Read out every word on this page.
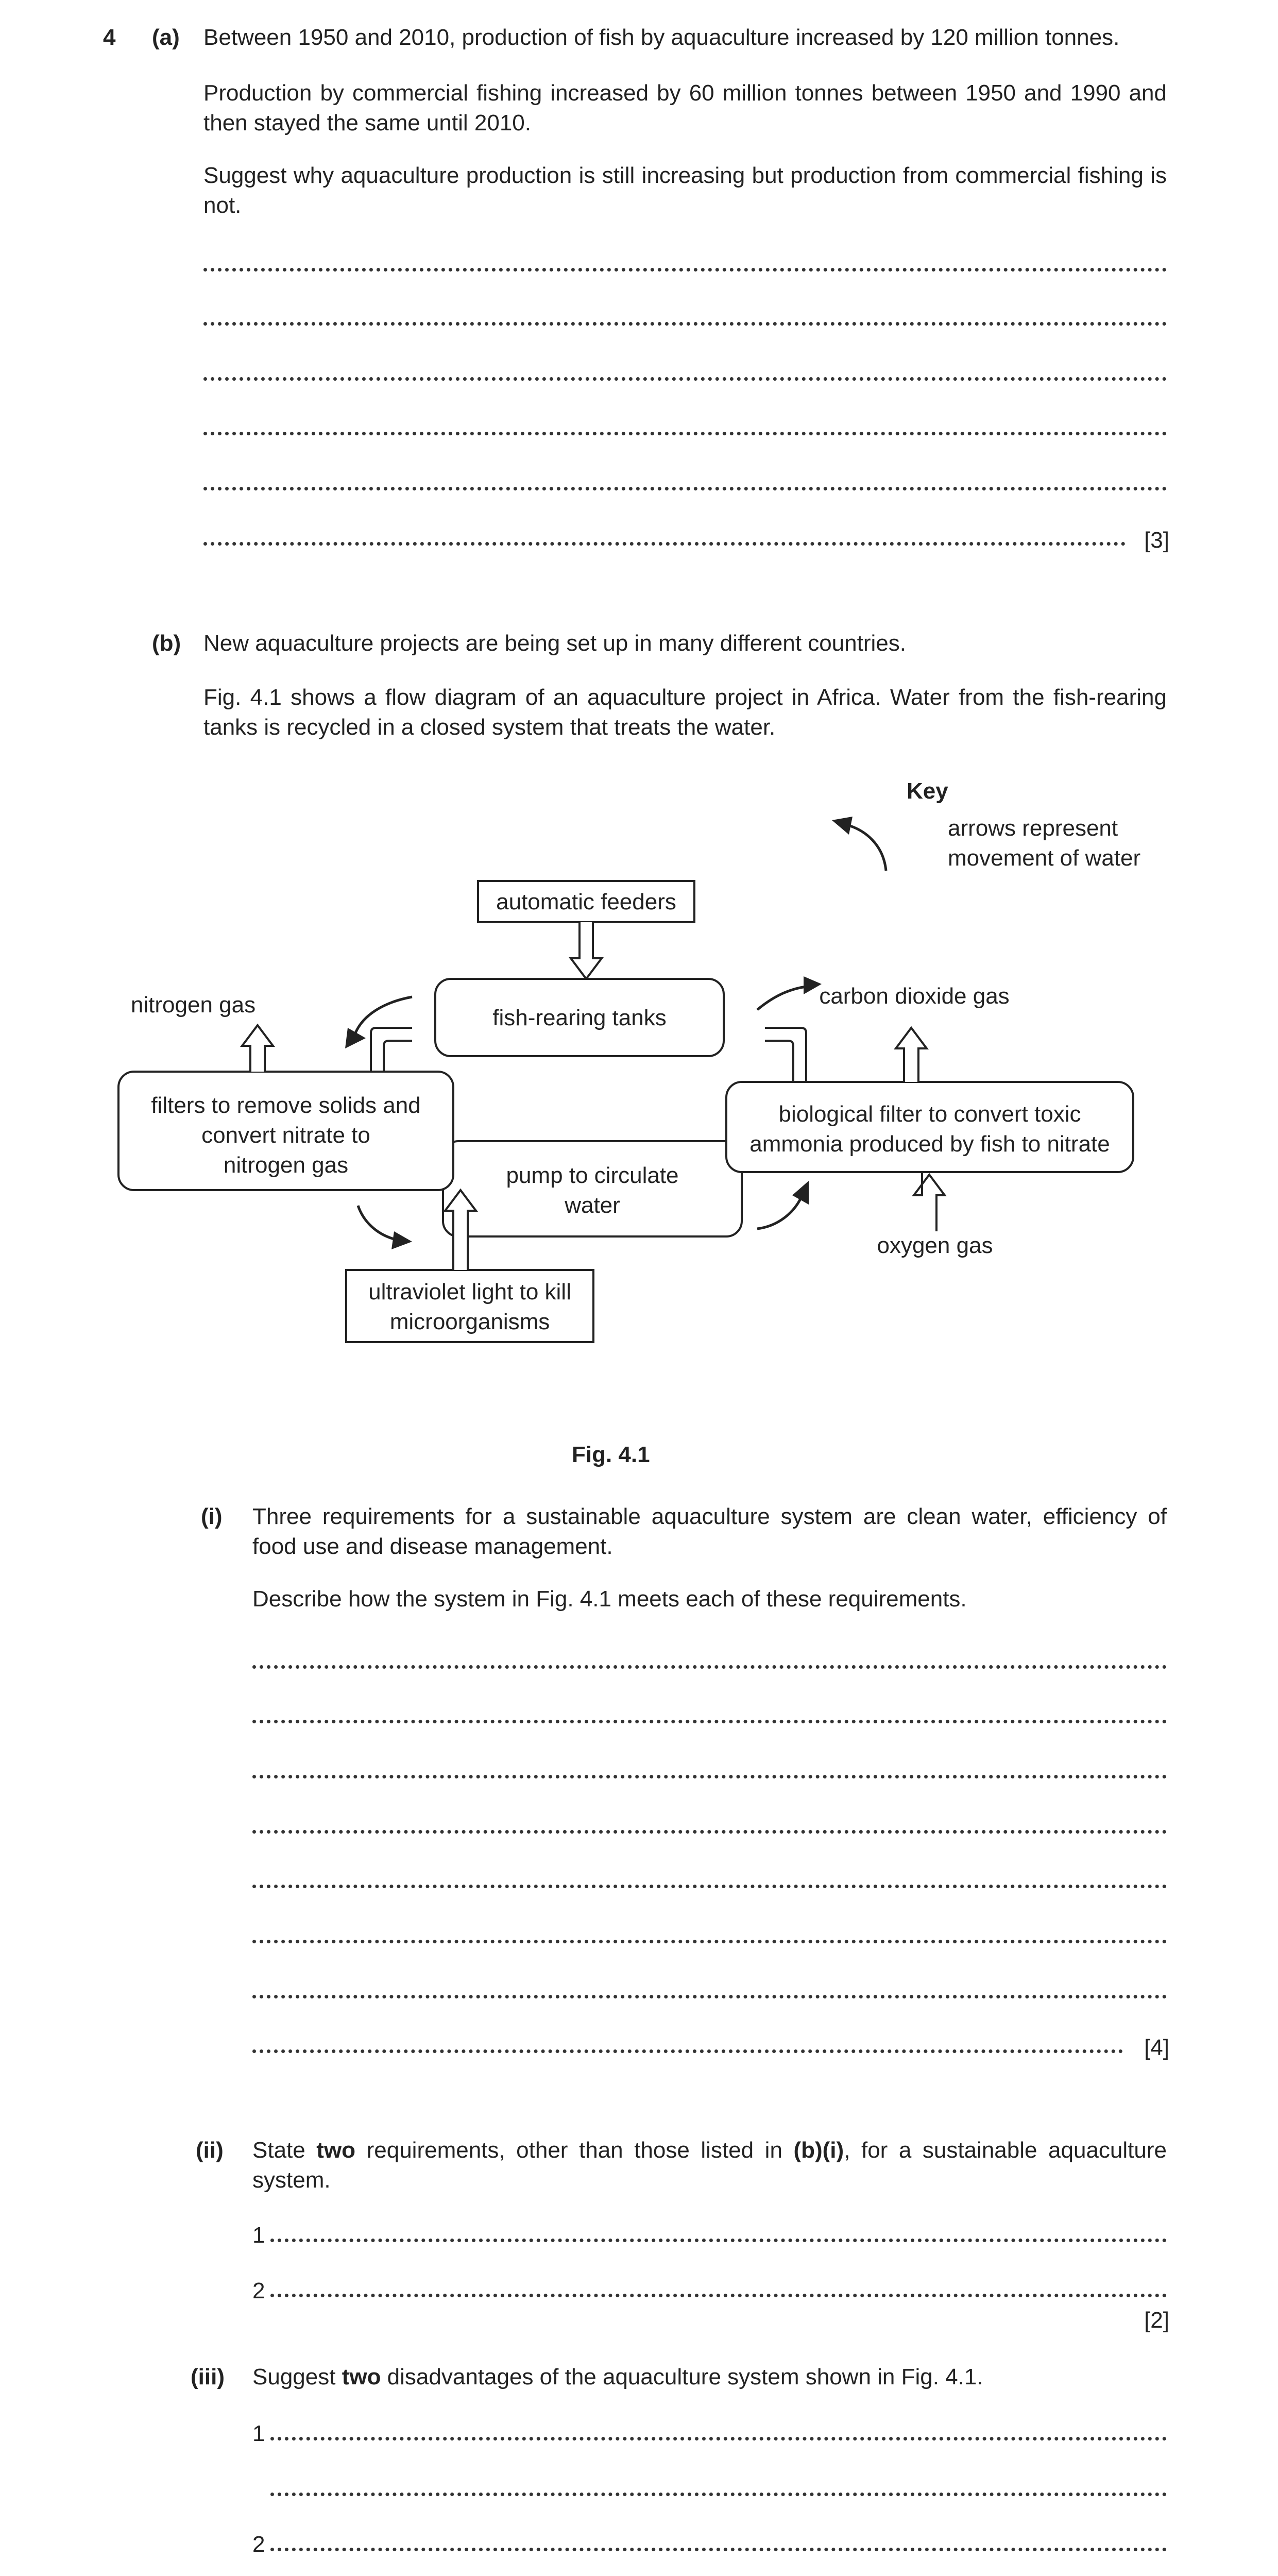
4 (a) Between 1950 and 2010, production of fish by aquaculture increased by 120 million tonnes.

Production by commercial fishing increased by 60 million tonnes between 1950 and 1990 and then stayed the same until 2010.

Suggest why aquaculture production is still increasing but production from commercial fishing is not.

[3]
(b) New aquaculture projects are being set up in many different countries.

Fig. 4.1 shows a flow diagram of an aquaculture project in Africa. Water from the fish-rearing tanks is recycled in a closed system that treats the water.

Key
arrows represent
movement of water
automatic feeders
fish-rearing tanks
pump to circulate
water
filters to remove solids and
convert nitrate to
nitrogen gas
biological filter to convert toxic
ammonia produced by fish to nitrate
nitrogen gas	carbon dioxide gas
oxygen gas
ultraviolet light to kill
microorganisms
Fig. 4.1
(i) Three requirements for a sustainable aquaculture system are clean water, efficiency of food use and disease management.

Describe how the system in Fig. 4.1 meets each of these requirements.

[4]
(ii) State two requirements, other than those listed in (b)(i), for a sustainable aquaculture system.

1
2
[2]
(iii) Suggest two disadvantages of the aquaculture system shown in Fig. 4.1.

1
2
